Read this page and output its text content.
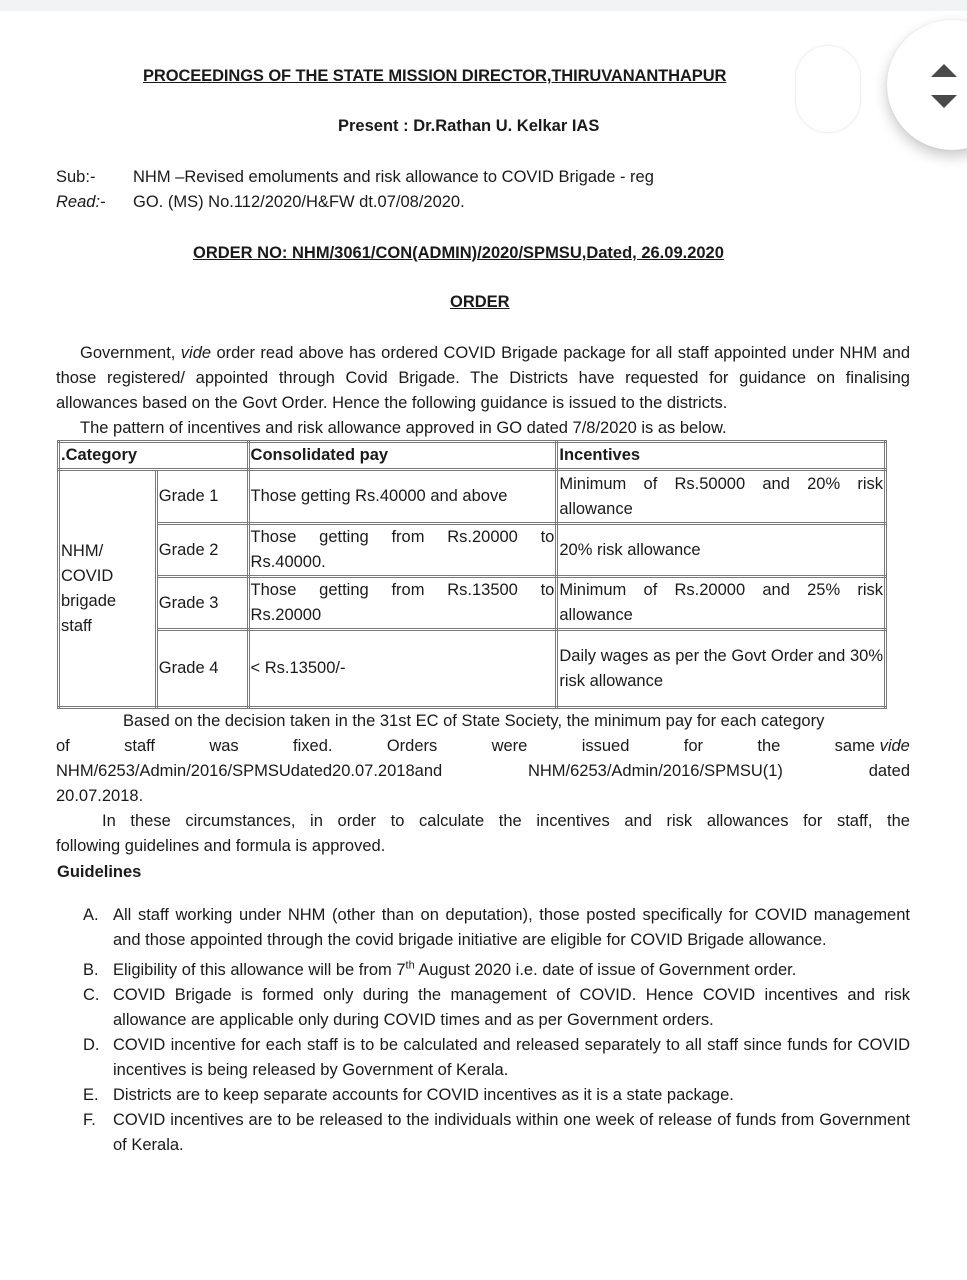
PROCEEDINGS OF THE STATE MISSION DIRECTOR,THIRUVANANTHAPUR
Present : Dr.Rathan U. Kelkar IAS
Sub:- NHM –Revised emoluments and risk allowance to COVID Brigade - reg
Read:- GO. (MS) No.112/2020/H&FW dt.07/08/2020.
ORDER NO: NHM/3061/CON(ADMIN)/2020/SPMSU,Dated, 26.09.2020
ORDER
Government, vide order read above has ordered COVID Brigade package for all staff appointed under NHM and those registered/ appointed through Covid Brigade. The Districts have requested for guidance on finalising allowances based on the Govt Order. Hence the following guidance is issued to the districts.
The pattern of incentives and risk allowance approved in GO dated 7/8/2020 is as below.
.Category		Consolidated pay	Incentives
NHM/ COVID brigade staff	Grade 1	Those getting Rs.40000 and above	Minimum of Rs.50000 and 20% risk allowance
	Grade 2	Those getting from Rs.20000 to Rs.40000.	20% risk allowance
	Grade 3	Those getting from Rs.13500 to Rs.20000	Minimum of Rs.20000 and 25% risk allowance
	Grade 4	< Rs.13500/-	Daily wages as per the Govt Order and 30% risk allowance
Based on the decision taken in the 31st EC of State Society, the minimum pay for each category
of	staff	was	fixed.	Orders	were	issued	for	the	same vide
NHM/6253/Admin/2016/SPMSUdated20.07.2018and	NHM/6253/Admin/2016/SPMSU(1)	dated
20.07.2018.
In these circumstances, in order to calculate the incentives and risk allowances for staff, the
following guidelines and formula is approved.
Guidelines
A. All staff working under NHM (other than on deputation), those posted specifically for COVID management and those appointed through the covid brigade initiative are eligible for COVID Brigade allowance.
B. Eligibility of this allowance will be from 7th August 2020 i.e. date of issue of Government order.
C. COVID Brigade is formed only during the management of COVID. Hence COVID incentives and risk allowance are applicable only during COVID times and as per Government orders.
D. COVID incentive for each staff is to be calculated and released separately to all staff since funds for COVID incentives is being released by Government of Kerala.
E. Districts are to keep separate accounts for COVID incentives as it is a state package.
F. COVID incentives are to be released to the individuals within one week of release of funds from Government of Kerala.
